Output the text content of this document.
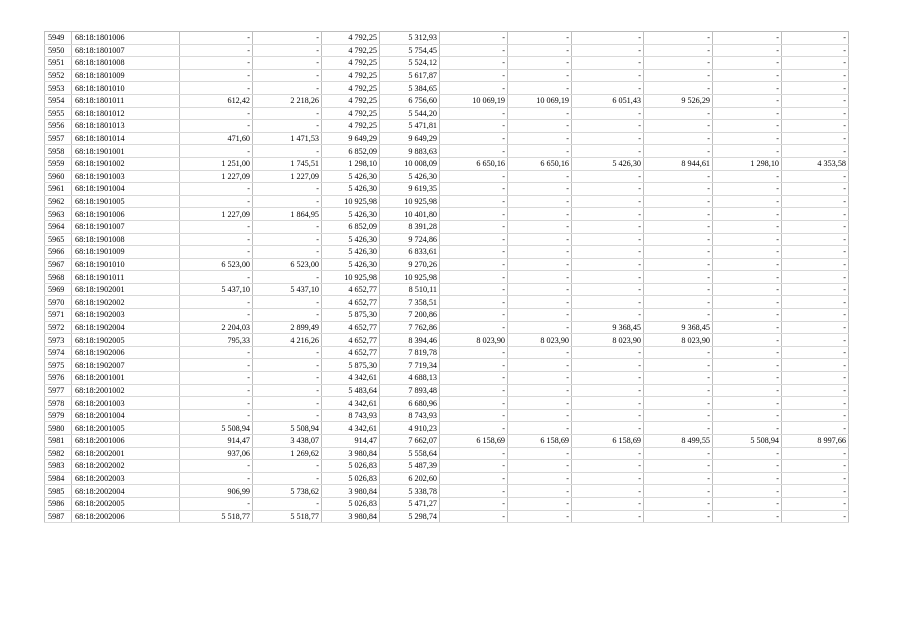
5949	68:18:1801006	-	-	4 792,25	5 312,93	-	-	-	-	-	-
5950	68:18:1801007	-	-	4 792,25	5 754,45	-	-	-	-	-	-
5951	68:18:1801008	-	-	4 792,25	5 524,12	-	-	-	-	-	-
5952	68:18:1801009	-	-	4 792,25	5 617,87	-	-	-	-	-	-
5953	68:18:1801010	-	-	4 792,25	5 384,65	-	-	-	-	-	-
5954	68:18:1801011	612,42	2 218,26	4 792,25	6 756,60	10 069,19	10 069,19	6 051,43	9 526,29	-	-
5955	68:18:1801012	-	-	4 792,25	5 544,20	-	-	-	-	-	-
5956	68:18:1801013	-	-	4 792,25	5 471,81	-	-	-	-	-	-
5957	68:18:1801014	471,60	1 471,53	9 649,29	9 649,29	-	-	-	-	-	-
5958	68:18:1901001	-	-	6 852,09	9 883,63	-	-	-	-	-	-
5959	68:18:1901002	1 251,00	1 745,51	1 298,10	10 008,09	6 650,16	6 650,16	5 426,30	8 944,61	1 298,10	4 353,58
5960	68:18:1901003	1 227,09	1 227,09	5 426,30	5 426,30	-	-	-	-	-	-
5961	68:18:1901004	-	-	5 426,30	9 619,35	-	-	-	-	-	-
5962	68:18:1901005	-	-	10 925,98	10 925,98	-	-	-	-	-	-
5963	68:18:1901006	1 227,09	1 864,95	5 426,30	10 401,80	-	-	-	-	-	-
5964	68:18:1901007	-	-	6 852,09	8 391,28	-	-	-	-	-	-
5965	68:18:1901008	-	-	5 426,30	9 724,86	-	-	-	-	-	-
5966	68:18:1901009	-	-	5 426,30	6 833,61	-	-	-	-	-	-
5967	68:18:1901010	6 523,00	6 523,00	5 426,30	9 270,26	-	-	-	-	-	-
5968	68:18:1901011	-	-	10 925,98	10 925,98	-	-	-	-	-	-
5969	68:18:1902001	5 437,10	5 437,10	4 652,77	8 510,11	-	-	-	-	-	-
5970	68:18:1902002	-	-	4 652,77	7 358,51	-	-	-	-	-	-
5971	68:18:1902003	-	-	5 875,30	7 200,86	-	-	-	-	-	-
5972	68:18:1902004	2 204,03	2 899,49	4 652,77	7 762,86	-	-	9 368,45	9 368,45	-	-
5973	68:18:1902005	795,33	4 216,26	4 652,77	8 394,46	8 023,90	8 023,90	8 023,90	8 023,90	-	-
5974	68:18:1902006	-	-	4 652,77	7 819,78	-	-	-	-	-	-
5975	68:18:1902007	-	-	5 875,30	7 719,34	-	-	-	-	-	-
5976	68:18:2001001	-	-	4 342,61	4 688,13	-	-	-	-	-	-
5977	68:18:2001002	-	-	5 483,64	7 893,48	-	-	-	-	-	-
5978	68:18:2001003	-	-	4 342,61	6 680,96	-	-	-	-	-	-
5979	68:18:2001004	-	-	8 743,93	8 743,93	-	-	-	-	-	-
5980	68:18:2001005	5 508,94	5 508,94	4 342,61	4 910,23	-	-	-	-	-	-
5981	68:18:2001006	914,47	3 438,07	914,47	7 662,07	6 158,69	6 158,69	6 158,69	8 499,55	5 508,94	8 997,66
5982	68:18:2002001	937,06	1 269,62	3 980,84	5 558,64	-	-	-	-	-	-
5983	68:18:2002002	-	-	5 026,83	5 487,39	-	-	-	-	-	-
5984	68:18:2002003	-	-	5 026,83	6 202,60	-	-	-	-	-	-
5985	68:18:2002004	906,99	5 738,62	3 980,84	5 338,78	-	-	-	-	-	-
5986	68:18:2002005	-	-	5 026,83	5 471,27	-	-	-	-	-	-
5987	68:18:2002006	5 518,77	5 518,77	3 980,84	5 298,74	-	-	-	-	-	-
